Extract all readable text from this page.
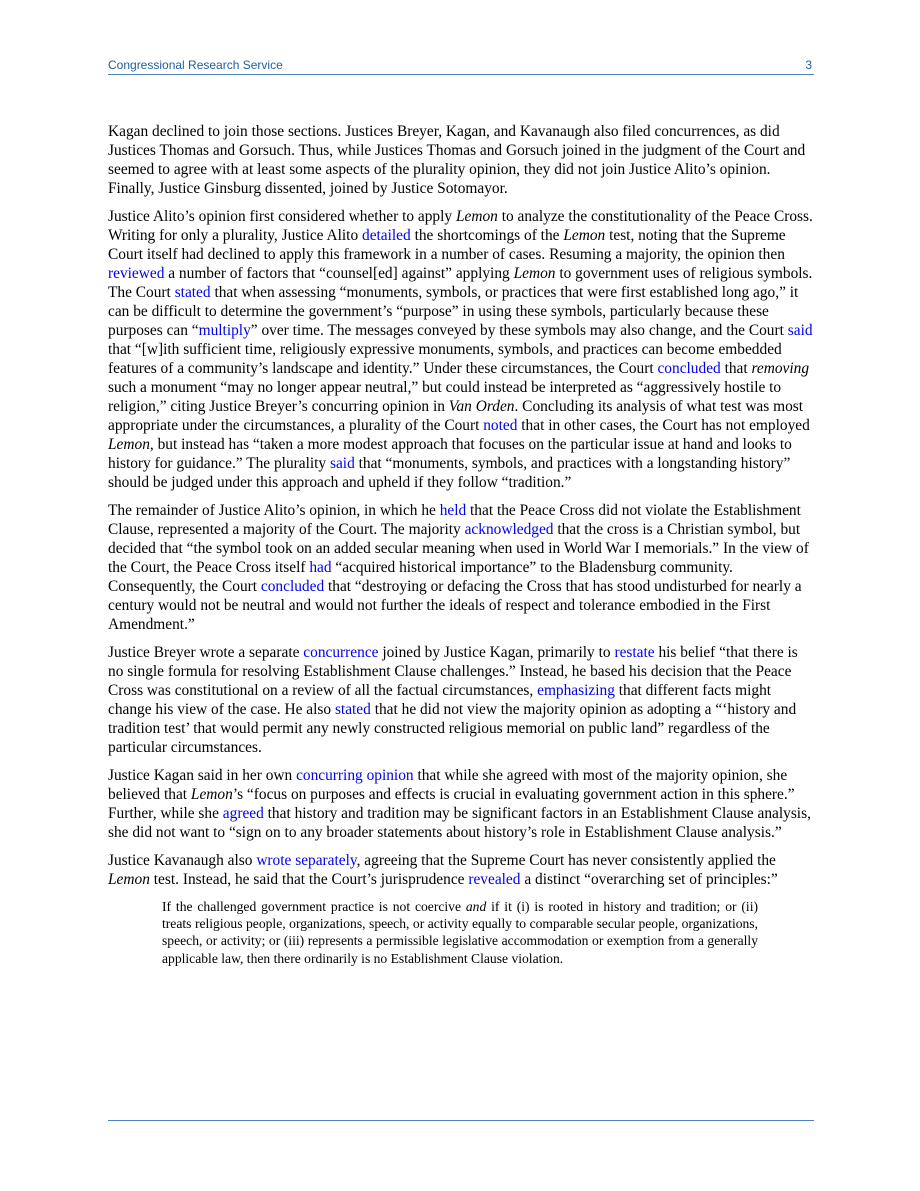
Congressional Research Service	3

Kagan declined to join those sections. Justices Breyer, Kagan, and Kavanaugh also filed concurrences, as did Justices Thomas and Gorsuch. Thus, while Justices Thomas and Gorsuch joined in the judgment of the Court and seemed to agree with at least some aspects of the plurality opinion, they did not join Justice Alito’s opinion. Finally, Justice Ginsburg dissented, joined by Justice Sotomayor.

Justice Alito’s opinion first considered whether to apply Lemon to analyze the constitutionality of the Peace Cross. Writing for only a plurality, Justice Alito detailed the shortcomings of the Lemon test, noting that the Supreme Court itself had declined to apply this framework in a number of cases. Resuming a majority, the opinion then reviewed a number of factors that “counsel[ed] against” applying Lemon to government uses of religious symbols. The Court stated that when assessing “monuments, symbols, or practices that were first established long ago,” it can be difficult to determine the government’s “purpose” in using these symbols, particularly because these purposes can “multiply” over time. The messages conveyed by these symbols may also change, and the Court said that “[w]ith sufficient time, religiously expressive monuments, symbols, and practices can become embedded features of a community’s landscape and identity.” Under these circumstances, the Court concluded that removing such a monument “may no longer appear neutral,” but could instead be interpreted as “aggressively hostile to religion,” citing Justice Breyer’s concurring opinion in Van Orden. Concluding its analysis of what test was most appropriate under the circumstances, a plurality of the Court noted that in other cases, the Court has not employed Lemon, but instead has “taken a more modest approach that focuses on the particular issue at hand and looks to history for guidance.” The plurality said that “monuments, symbols, and practices with a longstanding history” should be judged under this approach and upheld if they follow “tradition.”

The remainder of Justice Alito’s opinion, in which he held that the Peace Cross did not violate the Establishment Clause, represented a majority of the Court. The majority acknowledged that the cross is a Christian symbol, but decided that “the symbol took on an added secular meaning when used in World War I memorials.” In the view of the Court, the Peace Cross itself had “acquired historical importance” to the Bladensburg community. Consequently, the Court concluded that “destroying or defacing the Cross that has stood undisturbed for nearly a century would not be neutral and would not further the ideals of respect and tolerance embodied in the First Amendment.”

Justice Breyer wrote a separate concurrence joined by Justice Kagan, primarily to restate his belief “that there is no single formula for resolving Establishment Clause challenges.” Instead, he based his decision that the Peace Cross was constitutional on a review of all the factual circumstances, emphasizing that different facts might change his view of the case. He also stated that he did not view the majority opinion as adopting a “‘history and tradition test’ that would permit any newly constructed religious memorial on public land” regardless of the particular circumstances.

Justice Kagan said in her own concurring opinion that while she agreed with most of the majority opinion, she believed that Lemon’s “focus on purposes and effects is crucial in evaluating government action in this sphere.” Further, while she agreed that history and tradition may be significant factors in an Establishment Clause analysis, she did not want to “sign on to any broader statements about history’s role in Establishment Clause analysis.”

Justice Kavanaugh also wrote separately, agreeing that the Supreme Court has never consistently applied the Lemon test. Instead, he said that the Court’s jurisprudence revealed a distinct “overarching set of principles:”

If the challenged government practice is not coercive and if it (i) is rooted in history and tradition; or (ii) treats religious people, organizations, speech, or activity equally to comparable secular people, organizations, speech, or activity; or (iii) represents a permissible legislative accommodation or exemption from a generally applicable law, then there ordinarily is no Establishment Clause violation.
